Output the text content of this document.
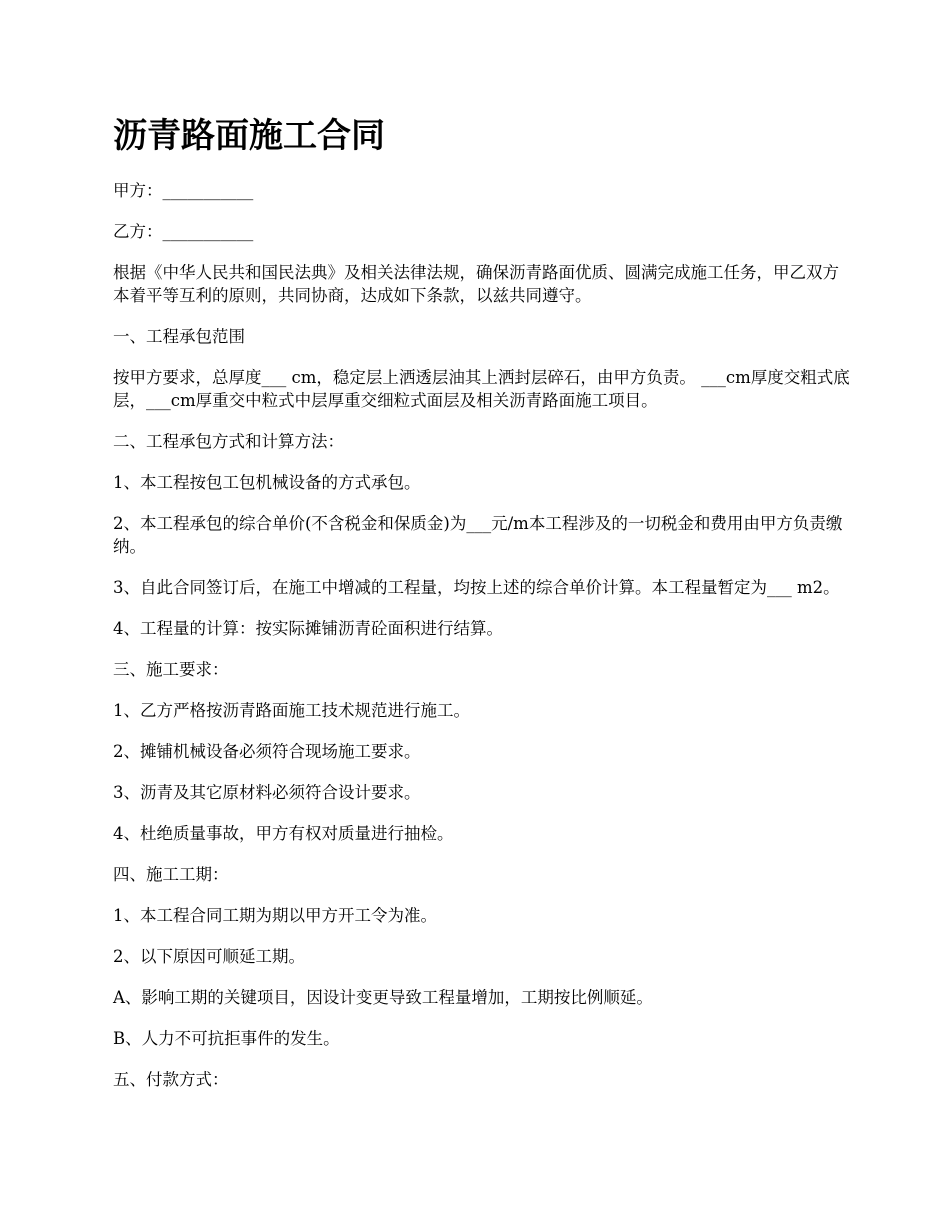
沥青路面施工合同

甲方：___________

乙方：___________

根据《中华人民共和国民法典》及相关法律法规，确保沥青路面优质、圆满完成施工任务，甲乙双方本着平等互利的原则，共同协商，达成如下条款，以兹共同遵守。

一、工程承包范围

按甲方要求，总厚度___ cm，稳定层上洒透层油其上洒封层碎石，由甲方负责。 ___cm厚度交粗式底层，___cm厚重交中粒式中层厚重交细粒式面层及相关沥青路面施工项目。

二、工程承包方式和计算方法：

1、本工程按包工包机械设备的方式承包。

2、本工程承包的综合单价(不含税金和保质金)为___元/m本工程涉及的一切税金和费用由甲方负责缴纳。

3、自此合同签订后，在施工中增减的工程量，均按上述的综合单价计算。本工程量暂定为___ m2。

4、工程量的计算：按实际摊铺沥青砼面积进行结算。

三、施工要求：

1、乙方严格按沥青路面施工技术规范进行施工。

2、摊铺机械设备必须符合现场施工要求。

3、沥青及其它原材料必须符合设计要求。

4、杜绝质量事故，甲方有权对质量进行抽检。

四、施工工期：

1、本工程合同工期为期以甲方开工令为准。

2、以下原因可顺延工期。

A、影响工期的关键项目，因设计变更导致工程量增加，工期按比例顺延。

B、人力不可抗拒事件的发生。

五、付款方式：
